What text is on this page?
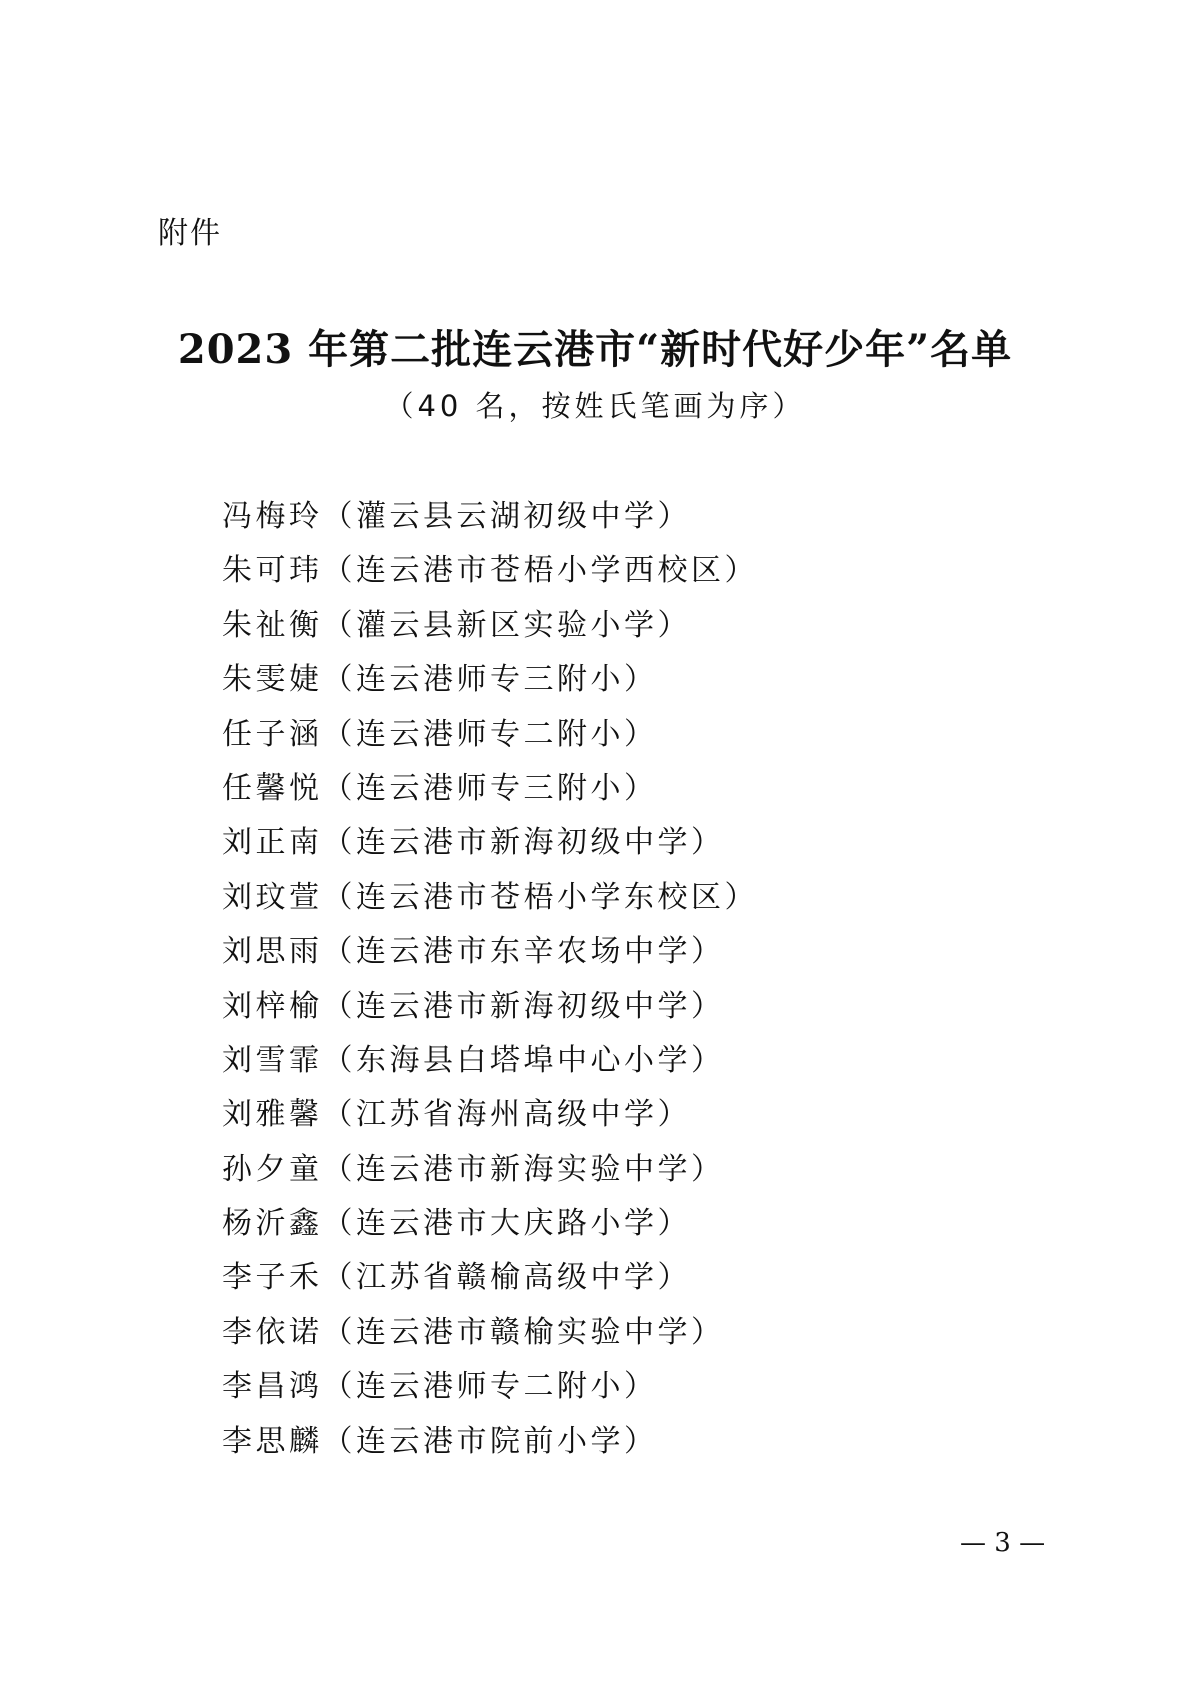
附件
2023 年第二批连云港市“新时代好少年”名单
（40 名，按姓氏笔画为序）
冯梅玲（灌云县云湖初级中学）
朱可玮（连云港市苍梧小学西校区）
朱祉衡（灌云县新区实验小学）
朱雯婕（连云港师专三附小）
任子涵（连云港师专二附小）
任馨悦（连云港师专三附小）
刘正南（连云港市新海初级中学）
刘玟萱（连云港市苍梧小学东校区）
刘思雨（连云港市东辛农场中学）
刘梓榆（连云港市新海初级中学）
刘雪霏（东海县白塔埠中心小学）
刘雅馨（江苏省海州高级中学）
孙夕童（连云港市新海实验中学）
杨沂鑫（连云港市大庆路小学）
李子禾（江苏省赣榆高级中学）
李依诺（连云港市赣榆实验中学）
李昌鸿（连云港师专二附小）
李思麟（连云港市院前小学）
— 3 —
